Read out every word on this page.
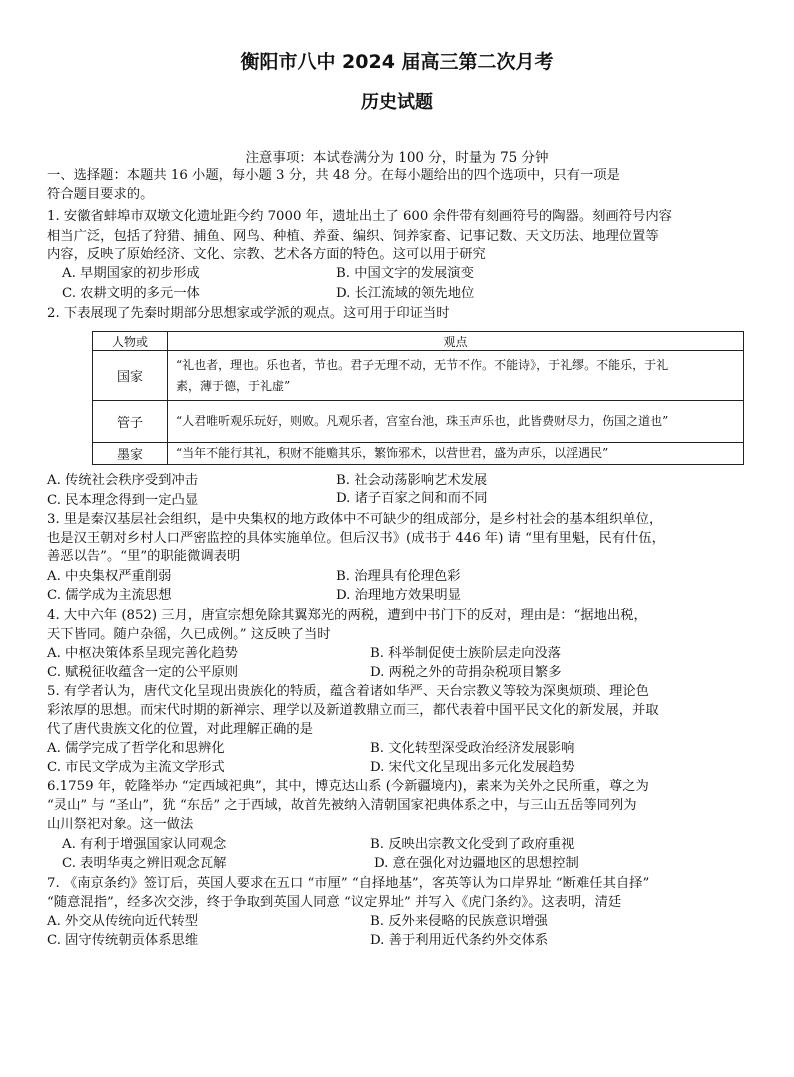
衡阳市八中 2024 届高三第二次月考
历史试题
注意事项：本试卷满分为 100 分，时量为 75 分钟
一、选择题：本题共 16 小题，每小题 3 分，共 48 分。在每小题给出的四个选项中，只有一项是
符合题目要求的。
1. 安徽省蚌埠市双墩文化遗址距今约 7000 年，遗址出土了 600 余件带有刻画符号的陶器。刻画符号内容
相当广泛，包括了狩猎、捕鱼、网鸟、种植、养蚕、编织、饲养家畜、记事记数、天文历法、地理位置等
内容，反映了原始经济、文化、宗教、艺术各方面的特色。这可以用于研究
A. 早期国家的初步形成	B. 中国文字的发展演变
C. 农耕文明的多元一体	D. 长江流域的领先地位
2. 下表展现了先秦时期部分思想家或学派的观点。这可用于印证当时
人物或	观点
国家	“礼也者，理也。乐也者，节也。君子无理不动，无节不作。不能诗》，于礼缪。不能乐，于礼
素，薄于德，于礼虚”

管子	“人君唯听观乐玩好，则败。凡观乐者，宫室台池，珠玉声乐也，此皆费财尽力，伤国之道也”

墨家	“当年不能行其礼，积财不能赡其乐，繁饰邪术，以营世君，盛为声乐，以淫遇民”
A. 传统社会秩序受到冲击	B. 社会动荡影响艺术发展
C. 民本理念得到一定凸显	D. 诸子百家之间和而不同
3. 里是秦汉基层社会组织，是中央集权的地方政体中不可缺少的组成部分，是乡村社会的基本组织单位，
也是汉王朝对乡村人口严密监控的具体实施单位。但后汉书》(成书于 446 年) 请 “里有里魁，民有什伍，
善恶以告”。“里”的职能微调表明
A. 中央集权严重削弱	B. 治理具有伦理色彩
C. 儒学成为主流思想	D. 治理地方效果明显
4. 大中六年 (852) 三月，唐宣宗想免除其翼郑光的两税，遭到中书门下的反对，理由是：“据地出税，
天下皆同。随户杂徭，久已成例。” 这反映了当时
A. 中枢决策体系呈现完善化趋势	B. 科举制促使士族阶层走向没落
C. 赋税征收蕴含一定的公平原则	D. 两税之外的苛捐杂税项目繁多
5. 有学者认为，唐代文化呈现出贵族化的特质，蕴含着诸如华严、天台宗教义等较为深奥烦琐、理论色
彩浓厚的思想。而宋代时期的新禅宗、理学以及新道教鼎立而三，都代表着中国平民文化的新发展，并取
代了唐代贵族文化的位置，对此理解正确的是
A. 儒学完成了哲学化和思辨化	B. 文化转型深受政治经济发展影响
C. 市民文学成为主流文学形式	D. 宋代文化呈现出多元化发展趋势
6.1759 年，乾隆举办 “定西域祀典”，其中，博克达山系 (今新疆境内)，素来为关外之民所重，尊之为
“灵山” 与 “圣山”，犹 “东岳” 之于西域，故首先被纳入清朝国家祀典体系之中，与三山五岳等同列为
山川祭祀对象。这一做法
A. 有利于增强国家认同观念	B. 反映出宗教文化受到了政府重视
C. 表明华夷之辨旧观念瓦解	D. 意在强化对边疆地区的思想控制
7. 《南京条约》签订后，英国人要求在五口 “市厘” “自择地基”，客英等认为口岸界址 “断难任其自择”
“随意混指”，经多次交涉，终于争取到英国人同意 “议定界址” 并写入《虎门条约》。这表明，清廷
A. 外交从传统向近代转型	B. 反外来侵略的民族意识增强
C. 固守传统朝贡体系思维	D. 善于利用近代条约外交体系
